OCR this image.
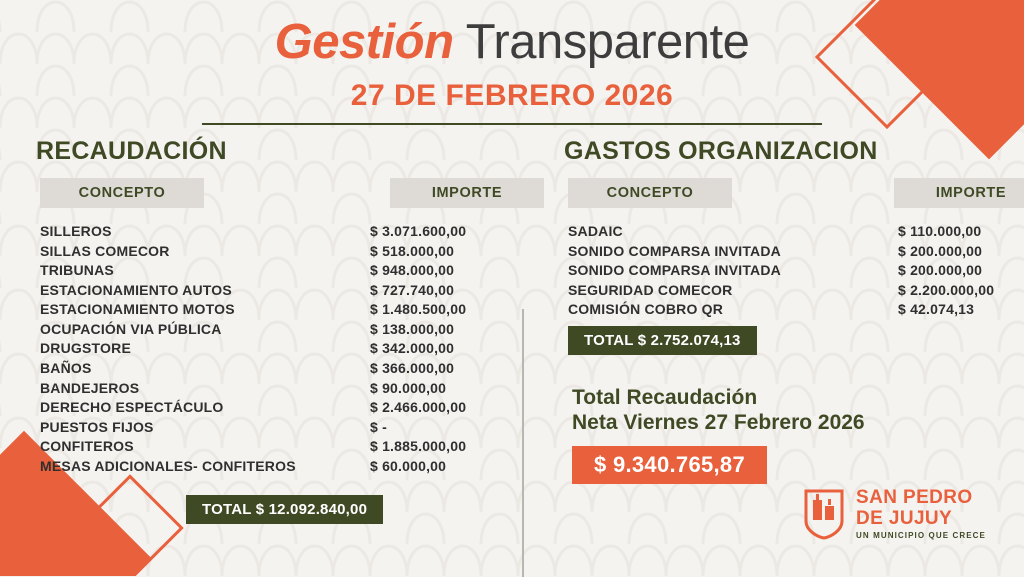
Gestión Transparente
27 DE FEBRERO 2026
RECAUDACIÓN
CONCEPTO	IMPORTE
SILLEROS	$ 3.071.600,00
SILLAS COMECOR	$ 518.000,00
TRIBUNAS	$ 948.000,00
ESTACIONAMIENTO AUTOS	$ 727.740,00
ESTACIONAMIENTO MOTOS	$ 1.480.500,00
OCUPACIÓN VIA PÚBLICA	$ 138.000,00
DRUGSTORE	$ 342.000,00
BAÑOS	$ 366.000,00
BANDEJEROS	$ 90.000,00
DERECHO ESPECTÁCULO	$ 2.466.000,00
PUESTOS FIJOS	$ -
CONFITEROS	$ 1.885.000,00
MESAS ADICIONALES- CONFITEROS	$ 60.000,00
TOTAL $ 12.092.840,00
GASTOS ORGANIZACION
CONCEPTO	IMPORTE
SADAIC	$ 110.000,00
SONIDO COMPARSA INVITADA	$ 200.000,00
SONIDO COMPARSA INVITADA	$ 200.000,00
SEGURIDAD COMECOR	$ 2.200.000,00
COMISIÓN COBRO QR	$ 42.074,13
TOTAL $ 2.752.074,13
Total Recaudación
Neta Viernes 27 Febrero 2026
$ 9.340.765,87
SAN PEDRO
DE JUJUY
UN MUNICIPIO QUE CRECE
